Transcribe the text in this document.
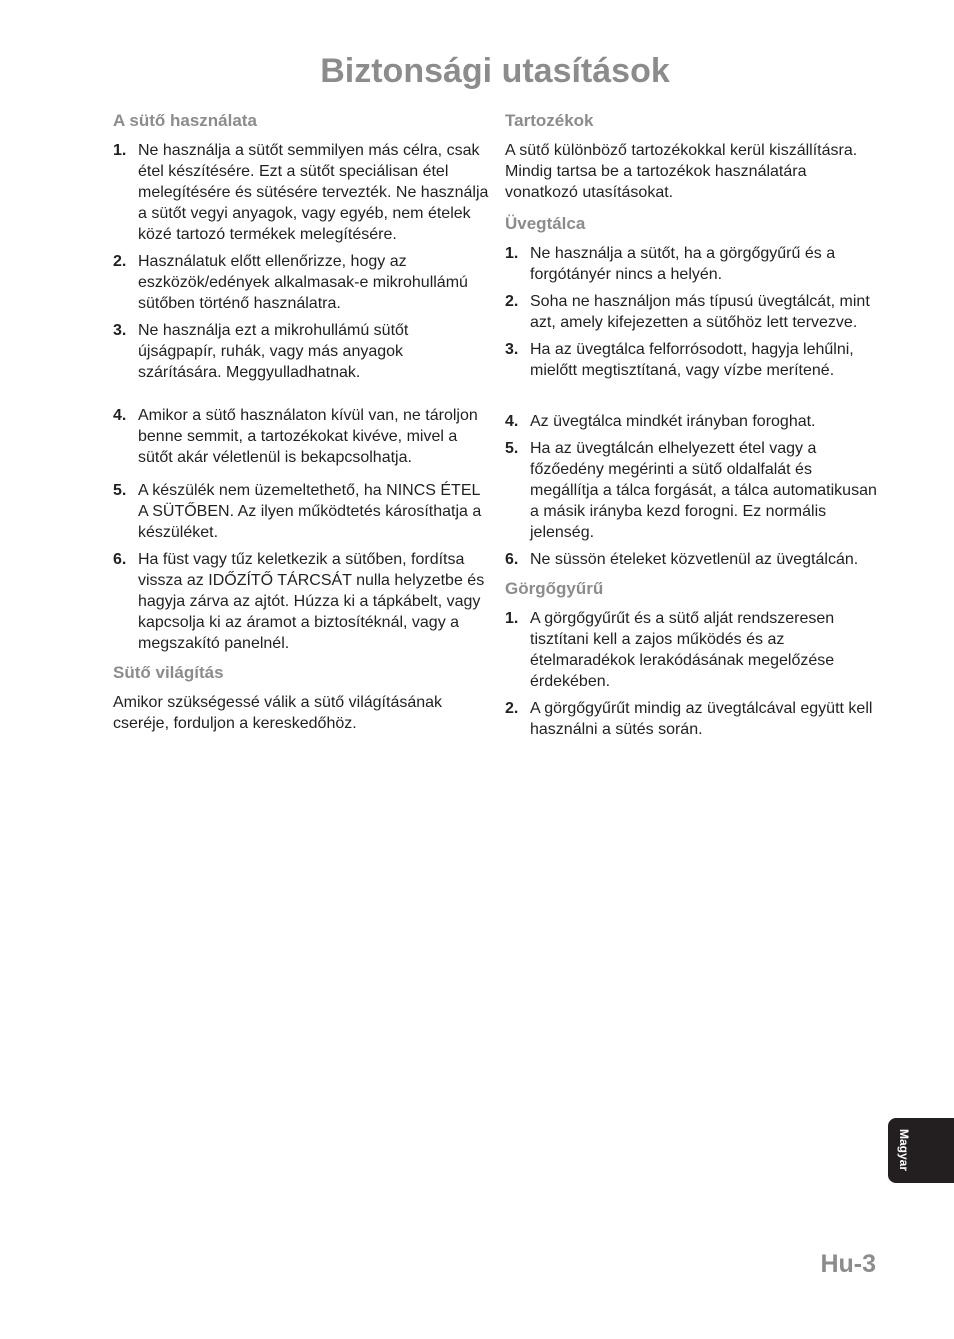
Biztonsági utasítások
A sütő használata
1. Ne használja a sütőt semmilyen más célra, csak étel készítésére. Ezt a sütőt speciálisan étel melegítésére és sütésére tervezték. Ne használja a sütőt vegyi anyagok, vagy egyéb, nem ételek közé tartozó termékek melegítésére.
2. Használatuk előtt ellenőrizze, hogy az eszközök/edények alkalmasak-e mikrohullámú sütőben történő használatra.
3. Ne használja ezt a mikrohullámú sütőt újságpapír, ruhák, vagy más anyagok szárítására. Meggyulladhatnak.
4. Amikor a sütő használaton kívül van, ne tároljon benne semmit, a tartozékokat kivéve, mivel a sütőt akár véletlenül is bekapcsolhatja.
5. A készülék nem üzemeltethető, ha NINCS ÉTEL A SÜTŐBEN. Az ilyen működtetés károsíthatja a készüléket.
6. Ha füst vagy tűz keletkezik a sütőben, fordítsa vissza az IDŐZÍTŐ TÁRCSÁT nulla helyzetbe és hagyja zárva az ajtót. Húzza ki a tápkábelt, vagy kapcsolja ki az áramot a biztosítéknál, vagy a megszakító panelnél.
Sütő világítás

Amikor szükségessé válik a sütő világításának cseréje, forduljon a kereskedőhöz.

Tartozékok

A sütő különböző tartozékokkal kerül kiszállításra. Mindig tartsa be a tartozékok használatára vonatkozó utasításokat.

Üvegtálca
1. Ne használja a sütőt, ha a görgőgyűrű és a forgótányér nincs a helyén.
2. Soha ne használjon más típusú üvegtálcát, mint azt, amely kifejezetten a sütőhöz lett tervezve.
3. Ha az üvegtálca felforrósodott, hagyja lehűlni, mielőtt megtisztítaná, vagy vízbe merítené.
4. Az üvegtálca mindkét irányban foroghat.
5. Ha az üvegtálcán elhelyezett étel vagy a főzőedény megérinti a sütő oldalfalát és megállítja a tálca forgását, a tálca automatikusan a másik irányba kezd forogni. Ez normális jelenség.
6. Ne süssön ételeket közvetlenül az üvegtálcán.
Görgőgyűrű
1. A görgőgyűrűt és a sütő alját rendszeresen tisztítani kell a zajos működés és az ételmaradékok lerakódásának megelőzése érdekében.
2. A görgőgyűrűt mindig az üvegtálcával együtt kell használni a sütés során.
Magyar
Hu-3
